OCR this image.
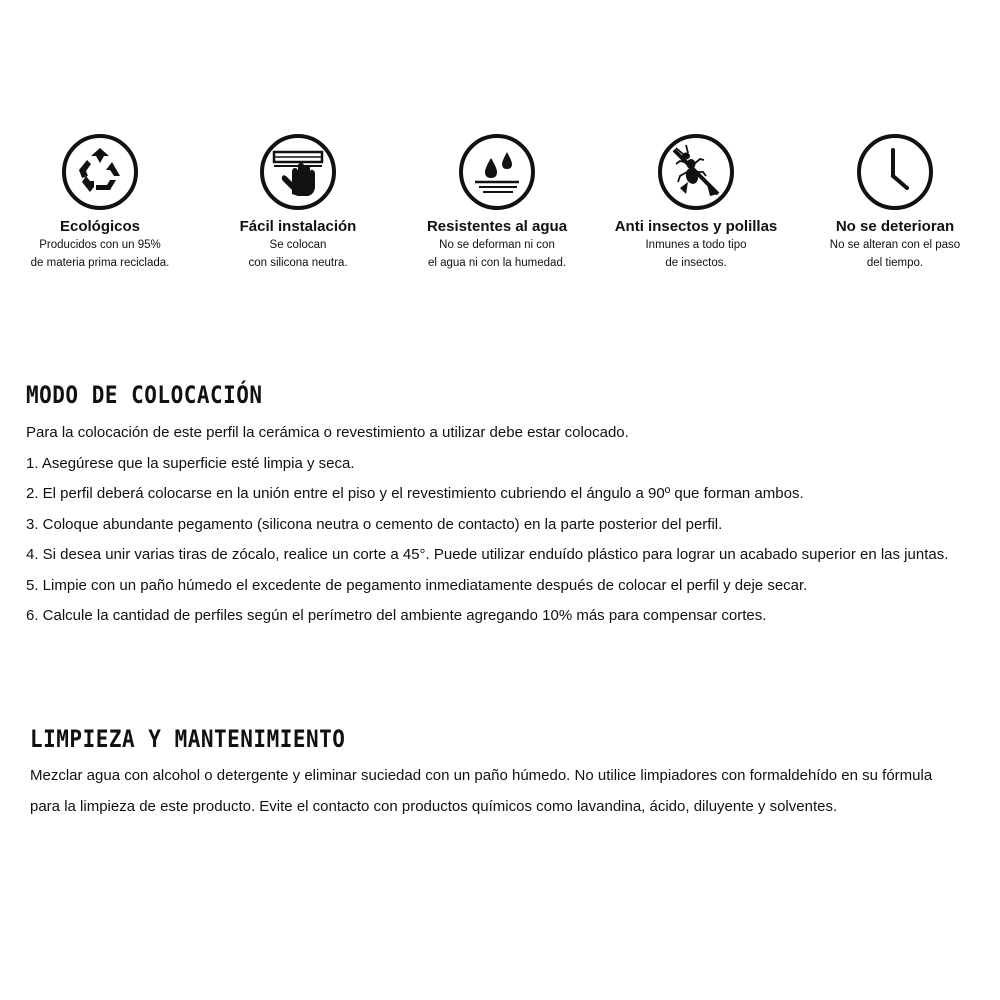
Ecológicos
Producidos con un 95%
de materia prima reciclada.
Fácil instalación
Se colocan
con silicona neutra.
Resistentes al agua
No se deforman ni con
el agua ni con la humedad.
Anti insectos y polillas
Inmunes a todo tipo
de insectos.
No se deterioran
No se alteran con el paso
del tiempo.
MODO DE COLOCACIÓN
Para la colocación de este perfil la cerámica o revestimiento a utilizar debe estar colocado.
1. Asegúrese que la superficie esté limpia y seca.
2. El perfil deberá colocarse en la unión entre el piso y el revestimiento cubriendo el ángulo a 90º que forman ambos.
3. Coloque abundante pegamento (silicona neutra o cemento de contacto) en la parte posterior del perfil.
4. Si desea unir varias tiras de zócalo, realice un corte a 45°. Puede utilizar enduído plástico para lograr un acabado superior en las juntas.
5. Limpie con un paño húmedo el excedente de pegamento inmediatamente después de colocar el perfil y deje secar.
6. Calcule la cantidad de perfiles según el perímetro del ambiente agregando 10% más para compensar cortes.
LIMPIEZA Y MANTENIMIENTO
Mezclar agua con alcohol o detergente y eliminar suciedad con un paño húmedo. No utilice limpiadores con formaldehído en su fórmula
para la limpieza de este producto. Evite el contacto con productos químicos como lavandina, ácido, diluyente y solventes.
